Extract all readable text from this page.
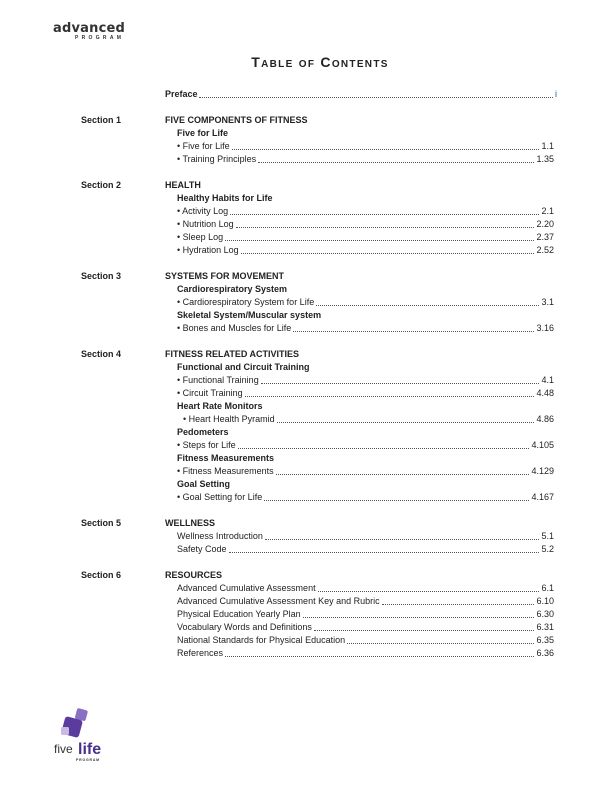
advanced
PROGRAM
Table of Contents
Preface	i
Section 1	FIVE COMPONENTS OF FITNESS
Five for Life
• Five for Life	1.1
• Training Principles	1.35
Section 2	HEALTH
Healthy Habits for Life
• Activity Log	2.1
• Nutrition Log	2.20
• Sleep Log	2.37
• Hydration Log	2.52
Section 3	SYSTEMS FOR MOVEMENT
Cardiorespiratory System
• Cardiorespiratory System for Life	3.1
Skeletal System/Muscular system
• Bones and Muscles for Life	3.16
Section 4	FITNESS RELATED ACTIVITIES
Functional and Circuit Training
• Functional Training	4.1
• Circuit Training	4.48
Heart Rate Monitors
• Heart Health Pyramid	4.86
Pedometers
• Steps for Life	4.105
Fitness Measurements
• Fitness Measurements	4.129
Goal Setting
• Goal Setting for Life	4.167
Section 5	WELLNESS
Wellness Introduction	5.1
Safety Code	5.2
Section 6	RESOURCES
Advanced Cumulative Assessment	6.1
Advanced Cumulative Assessment Key and Rubric	6.10
Physical Education Yearly Plan	6.30
Vocabulary Words and Definitions	6.31
National Standards for Physical Education	6.35
References	6.36
five life
PROGRAM
